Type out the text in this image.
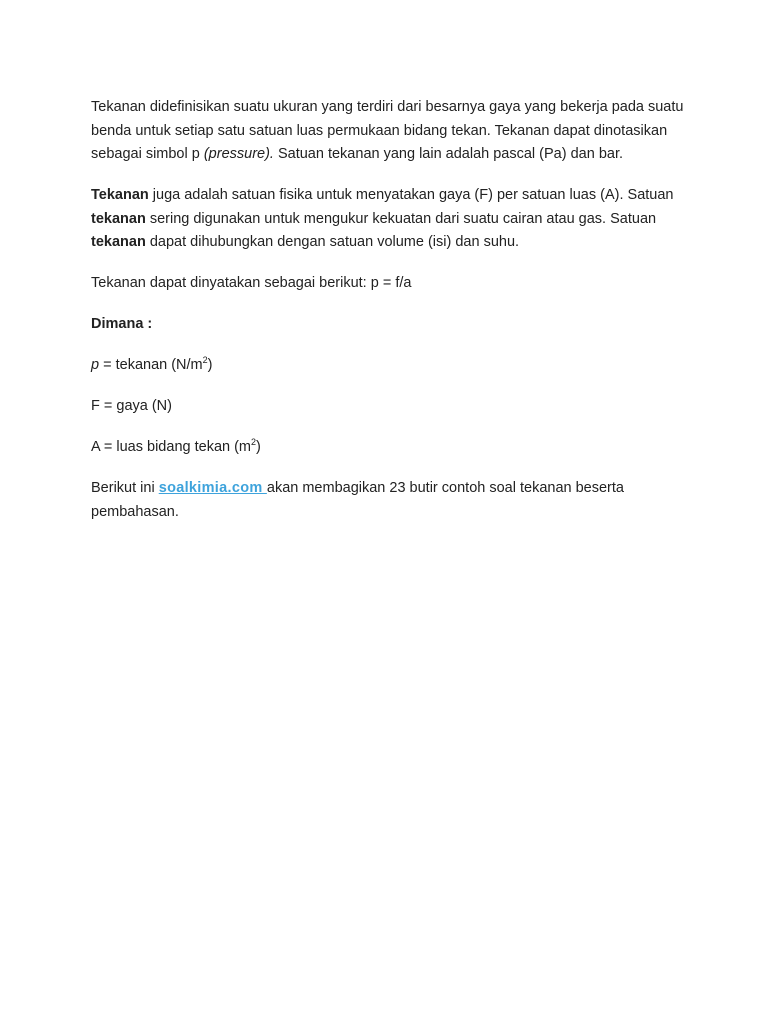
Tekanan didefinisikan suatu ukuran yang terdiri dari besarnya gaya yang bekerja pada suatu benda untuk setiap satu satuan luas permukaan bidang tekan. Tekanan dapat dinotasikan sebagai simbol p (pressure). Satuan tekanan yang lain adalah pascal (Pa) dan bar.

Tekanan juga adalah satuan fisika untuk menyatakan gaya (F) per satuan luas (A). Satuan tekanan sering digunakan untuk mengukur kekuatan dari suatu cairan atau gas. Satuan tekanan dapat dihubungkan dengan satuan volume (isi) dan suhu.

Tekanan dapat dinyatakan sebagai berikut: p = f/a

Dimana :

p = tekanan $(N/m^2)$

F = gaya (N)

A = luas bidang tekan $(m^2)$

Berikut ini soalkimia.com akan membagikan 23 butir contoh soal tekanan beserta pembahasan.
